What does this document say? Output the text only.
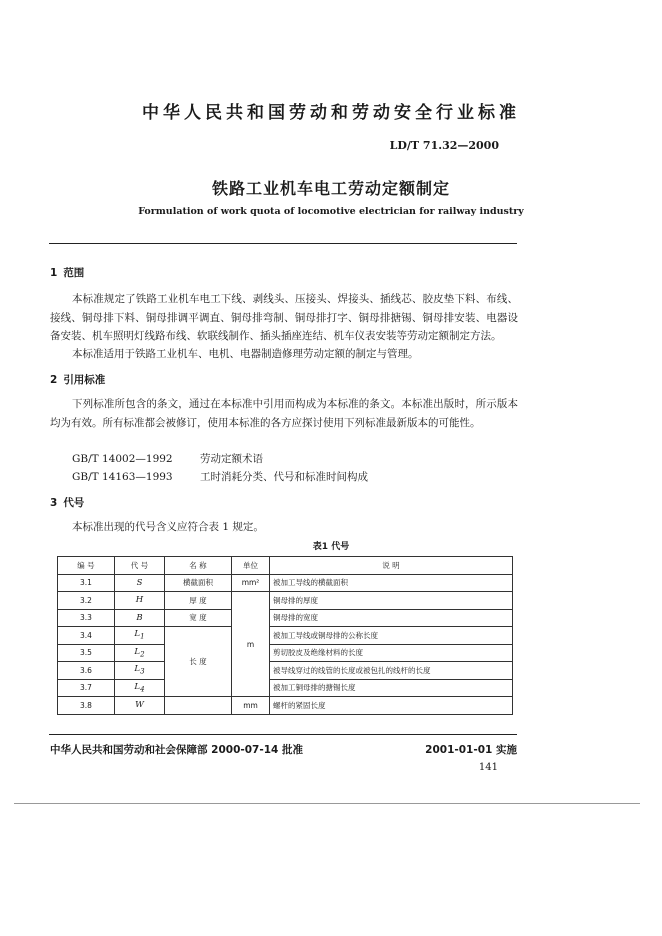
中华人民共和国劳动和劳动安全行业标准
LD/T 71.32—2000
铁路工业机车电工劳动定额制定
Formulation of work quota of locomotive electrician for railway industry
1 范围
本标准规定了铁路工业机车电工下线、剥线头、压接头、焊接头、插线芯、胶皮垫下料、布线、接线、铜母排下料、铜母排调平调直、铜母排弯制、铜母排打字、铜母排搪锡、铜母排安装、电器设备安装、机车照明灯线路布线、软联线制作、插头插座连结、机车仪表安装等劳动定额制定方法。
本标准适用于铁路工业机车、电机、电器制造修理劳动定额的制定与管理。
2 引用标准
下列标准所包含的条文，通过在本标准中引用而构成为本标准的条文。本标准出版时，所示版本均为有效。所有标准都会被修订，使用本标准的各方应探讨使用下列标准最新版本的可能性。
GB/T 14002—1992	劳动定额术语
GB/T 14163—1993	工时消耗分类、代号和标准时间构成
3 代号
本标准出现的代号含义应符合表 1 规定。
表1 代号
编 号	代 号	名 称	单位	说 明
3.1	S	横截面积	mm²	被加工导线的横截面积
3.2	H	厚 度	m	铜母排的厚度
3.3	B	宽 度		铜母排的宽度
3.4	$L_1$	长 度		被加工导线或铜母排的公称长度
3.5	$L_2$			剪切胶皮及绝缘材料的长度
3.6	$L_3$			被导线穿过的线管的长度或被包扎的线杆的长度
3.7	$L_4$			被加工铜母排的搪锡长度
3.8	W		mm	螺杆的紧固长度
中华人民共和国劳动和社会保障部 2000-07-14 批准	2001-01-01 实施
141
